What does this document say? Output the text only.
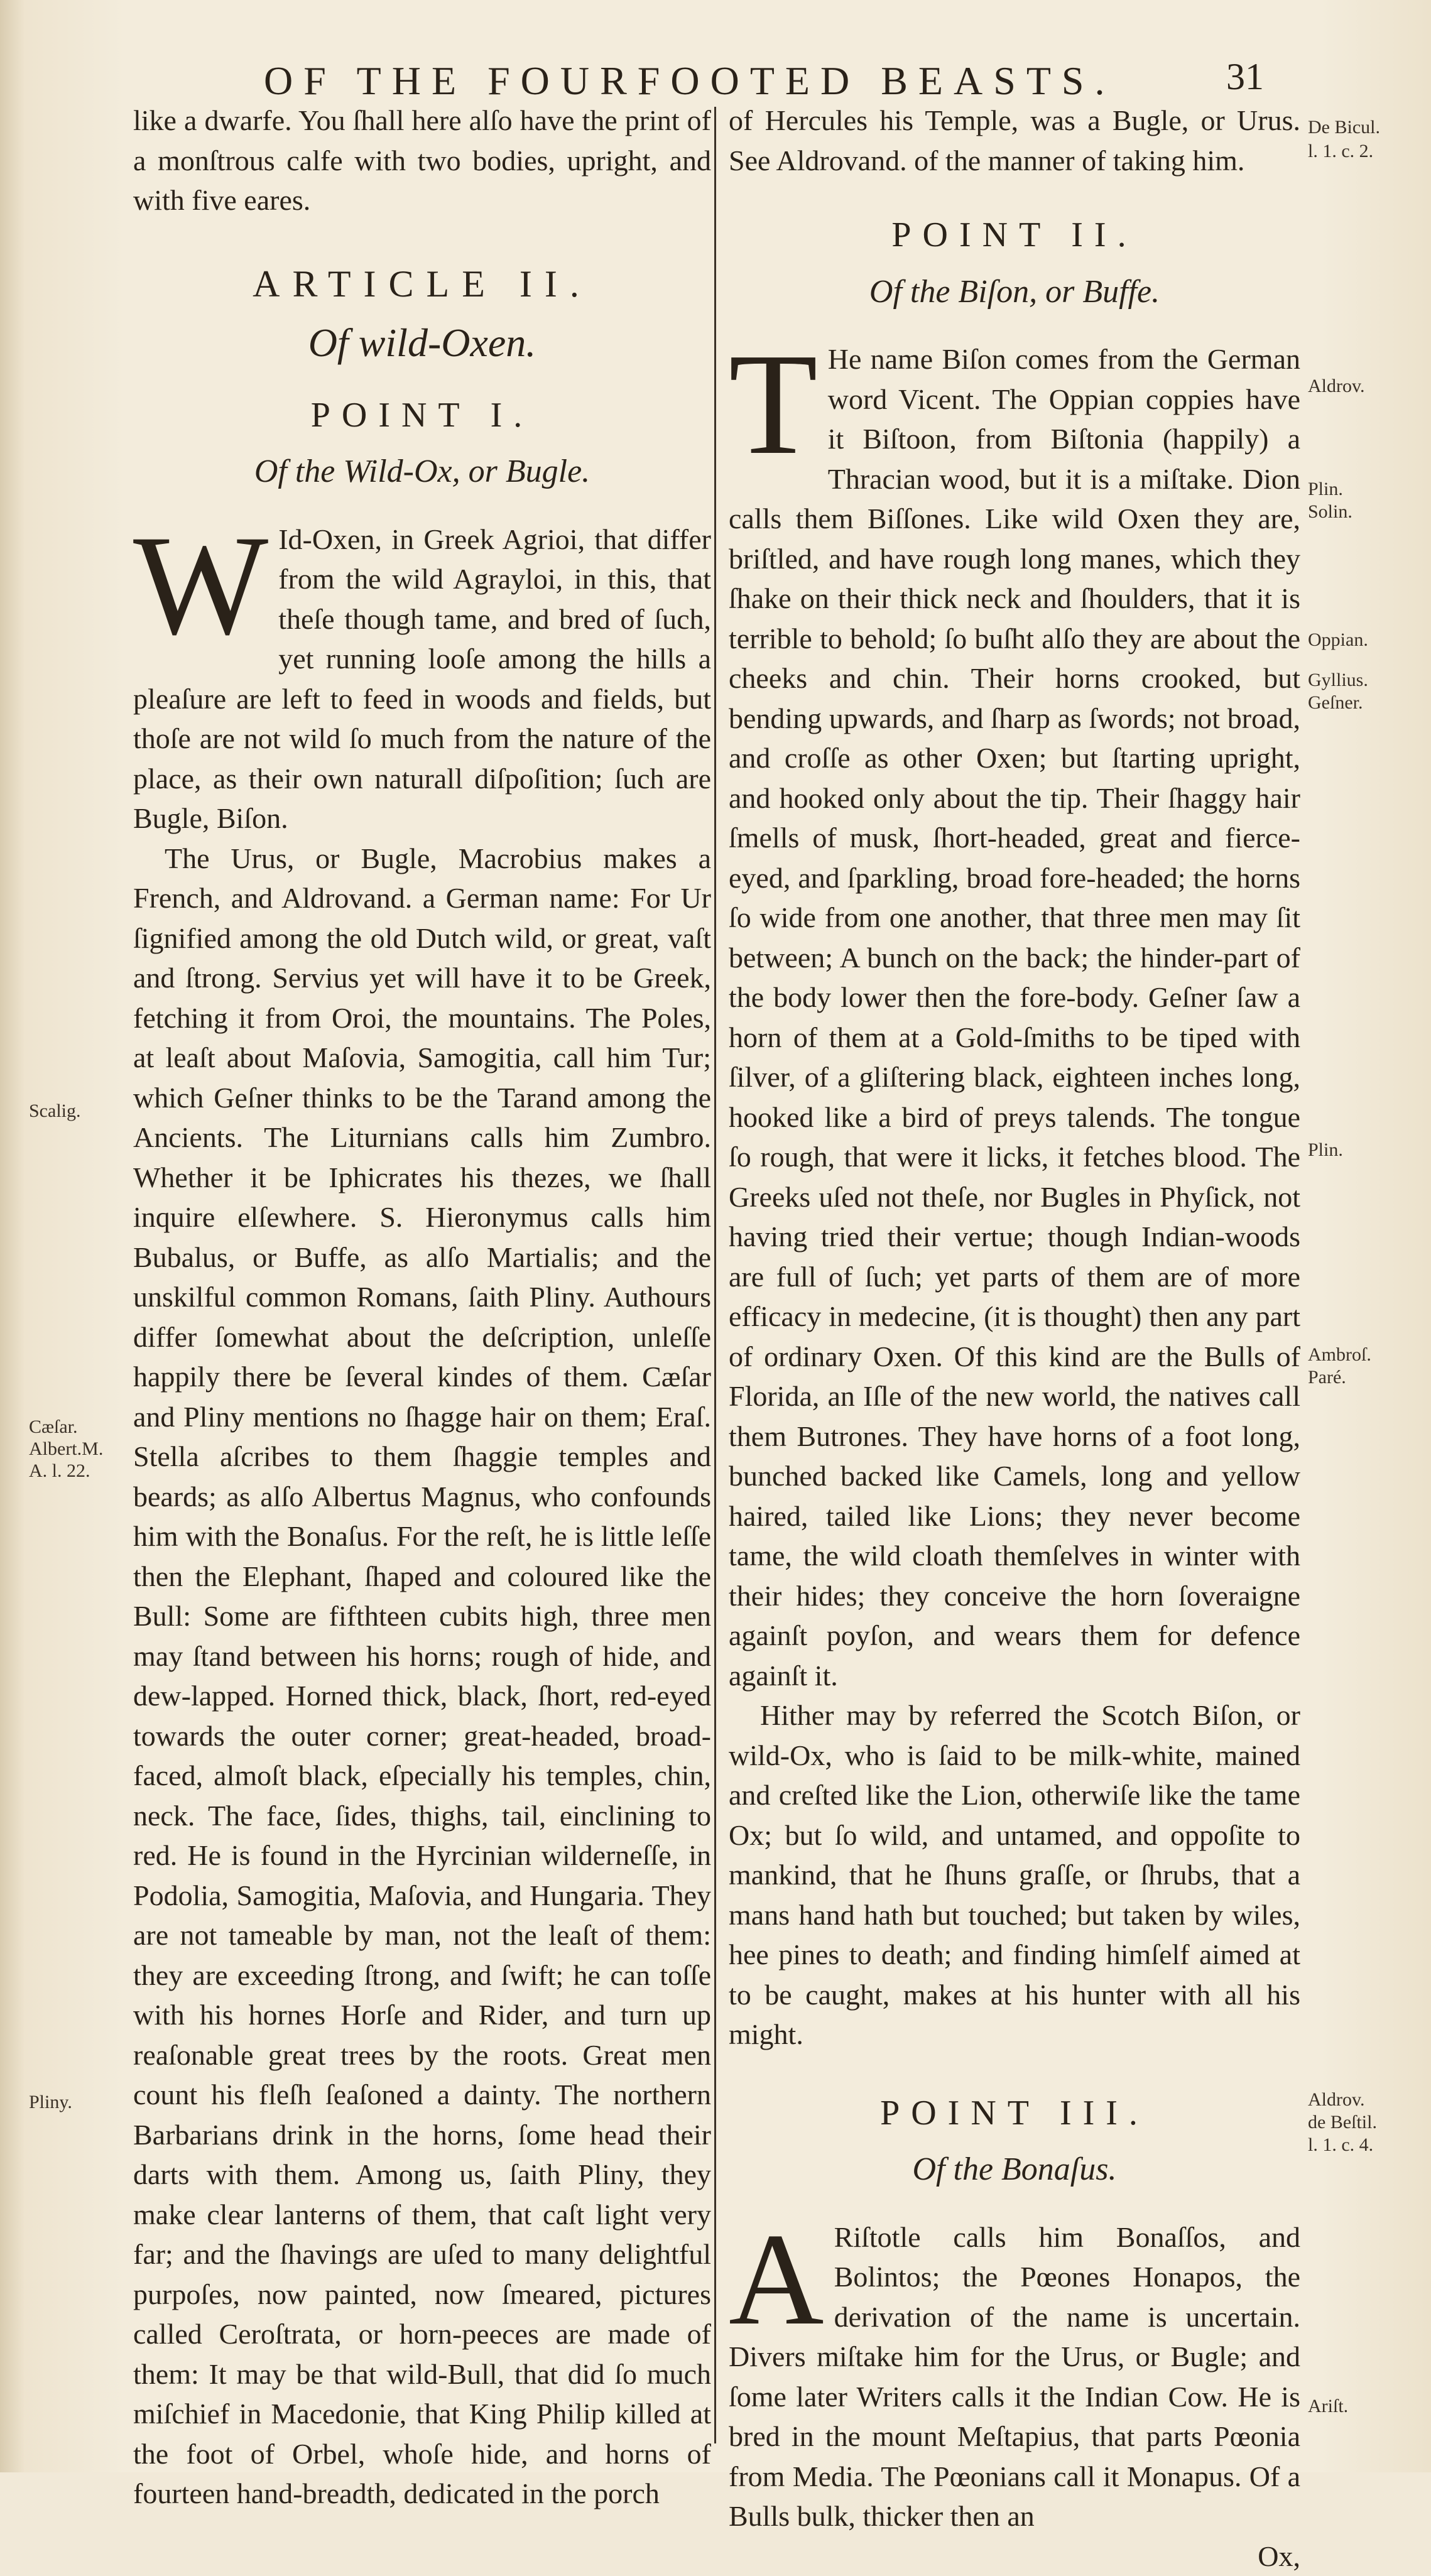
OF THE FOURFOOTED BEASTS.	31

like a dwarfe. You ſhall here alſo have the print of a monſtrous calfe with two bodies, upright, and with five eares.

ARTICLE II.
Of wild-Oxen.
POINT I.
Of the Wild-Ox, or Bugle.

W Id-Oxen, in Greek Agrioi, that differ from the wild Agrayloi, in this, that theſe though tame, and bred of ſuch, yet running looſe among the hills a pleaſure are left to feed in woods and fields, but thoſe are not wild ſo much from the nature of the place, as their own naturall diſpoſition; ſuch are Bugle, Biſon.

The Urus, or Bugle, Macrobius makes a French, and Aldrovand. a German name: For Ur ſignified among the old Dutch wild, or great, vaſt and ſtrong. Servius yet will have it to be Greek, fetching it from Oroi, the mountains. The Poles, at leaſt about Maſovia, Samogitia, call him Tur; which Geſner thinks to be the Tarand among the Ancients. The Liturnians calls him Zumbro. Whether it be Iphicrates his thezes, we ſhall inquire elſewhere. S. Hieronymus calls him Bubalus, or Buffe, as alſo Martialis; and the unskilful common Romans, ſaith Pliny. Authours differ ſomewhat about the deſcription, unleſſe happily there be ſeveral kindes of them. Cæſar and Pliny mentions no ſhagge hair on them; Eraſ. Stella aſcribes to them ſhaggie temples and beards; as alſo Albertus Magnus, who confounds him with the Bonaſus. For the reſt, he is little leſſe then the Elephant, ſhaped and coloured like the Bull: Some are fifthteen cubits high, three men may ſtand between his horns; rough of hide, and dew-lapped. Horned thick, black, ſhort, red-eyed towards the outer corner; great-headed, broad-faced, almoſt black, eſpecially his temples, chin, neck. The face, ſides, thighs, tail, einclining to red. He is found in the Hyrcinian wilderneſſe, in Podolia, Samogitia, Maſovia, and Hungaria. They are not tameable by man, not the leaſt of them: they are exceeding ſtrong, and ſwift; he can toſſe with his hornes Horſe and Rider, and turn up reaſonable great trees by the roots. Great men count his fleſh ſeaſoned a dainty. The northern Barbarians drink in the horns, ſome head their darts with them. Among us, ſaith Pliny, they make clear lanterns of them, that caſt light very far; and the ſhavings are uſed to many delightful purpoſes, now painted, now ſmeared, pictures called Ceroſtrata, or horn-peeces are made of them: It may be that wild-Bull, that did ſo much miſchief in Macedonie, that King Philip killed at the foot of Orbel, whoſe hide, and horns of fourteen hand-breadth, dedicated in the porch

of Hercules his Temple, was a Bugle, or Urus. See Aldrovand. of the manner of taking him.

POINT II.
Of the Biſon, or Buffe.

T He name Biſon comes from the German word Vicent. The Oppian coppies have it Biſtoon, from Biſtonia (happily) a Thracian wood, but it is a miſtake. Dion calls them Biſſones. Like wild Oxen they are, briſtled, and have rough long manes, which they ſhake on their thick neck and ſhoulders, that it is terrible to behold; ſo buſht alſo they are about the cheeks and chin. Their horns crooked, but bending upwards, and ſharp as ſwords; not broad, and croſſe as other Oxen; but ſtarting upright, and hooked only about the tip. Their ſhaggy hair ſmells of musk, ſhort-headed, great and fierce-eyed, and ſparkling, broad fore-headed; the horns ſo wide from one another, that three men may ſit between; A bunch on the back; the hinder-part of the body lower then the fore-body. Geſner ſaw a horn of them at a Gold-ſmiths to be tiped with ſilver, of a gliſtering black, eighteen inches long, hooked like a bird of preys talends. The tongue ſo rough, that were it licks, it fetches blood. The Greeks uſed not theſe, nor Bugles in Phyſick, not having tried their vertue; though Indian-woods are full of ſuch; yet parts of them are of more efficacy in medecine, (it is thought) then any part of ordinary Oxen. Of this kind are the Bulls of Florida, an Iſle of the new world, the natives call them Butrones. They have horns of a foot long, bunched backed like Camels, long and yellow haired, tailed like Lions; they never become tame, the wild cloath themſelves in winter with their hides; they conceive the horn ſoveraigne againſt poyſon, and wears them for defence againſt it.

Hither may by referred the Scotch Biſon, or wild-Ox, who is ſaid to be milk-white, mained and creſted like the Lion, otherwiſe like the tame Ox; but ſo wild, and untamed, and oppoſite to mankind, that he ſhuns graſſe, or ſhrubs, that a mans hand hath but touched; but taken by wiles, hee pines to death; and finding himſelf aimed at to be caught, makes at his hunter with all his might.

POINT III.
Of the Bonaſus.

A Riſtotle calls him Bonaſſos, and Bolintos; the Pœones Honapos, the derivation of the name is uncertain. Divers miſtake him for the Urus, or Bugle; and ſome later Writers calls it the Indian Cow. He is bred in the mount Meſtapius, that parts Pœonia from Media. The Pœonians call it Monapus. Of a Bulls bulk, thicker then an

Ox,

Scalig.
Cæſar.
Albert.M.
A. l. 22.
Pliny.
De Bicul.
l. 1. c. 2.
Aldrov.
Plin.
Solin.
Oppian.
Gyllius.
Geſner.
Plin.
Ambroſ.
Paré.
Aldrov.
de Beſtil.
l. 1. c. 4.
Ariſt.
